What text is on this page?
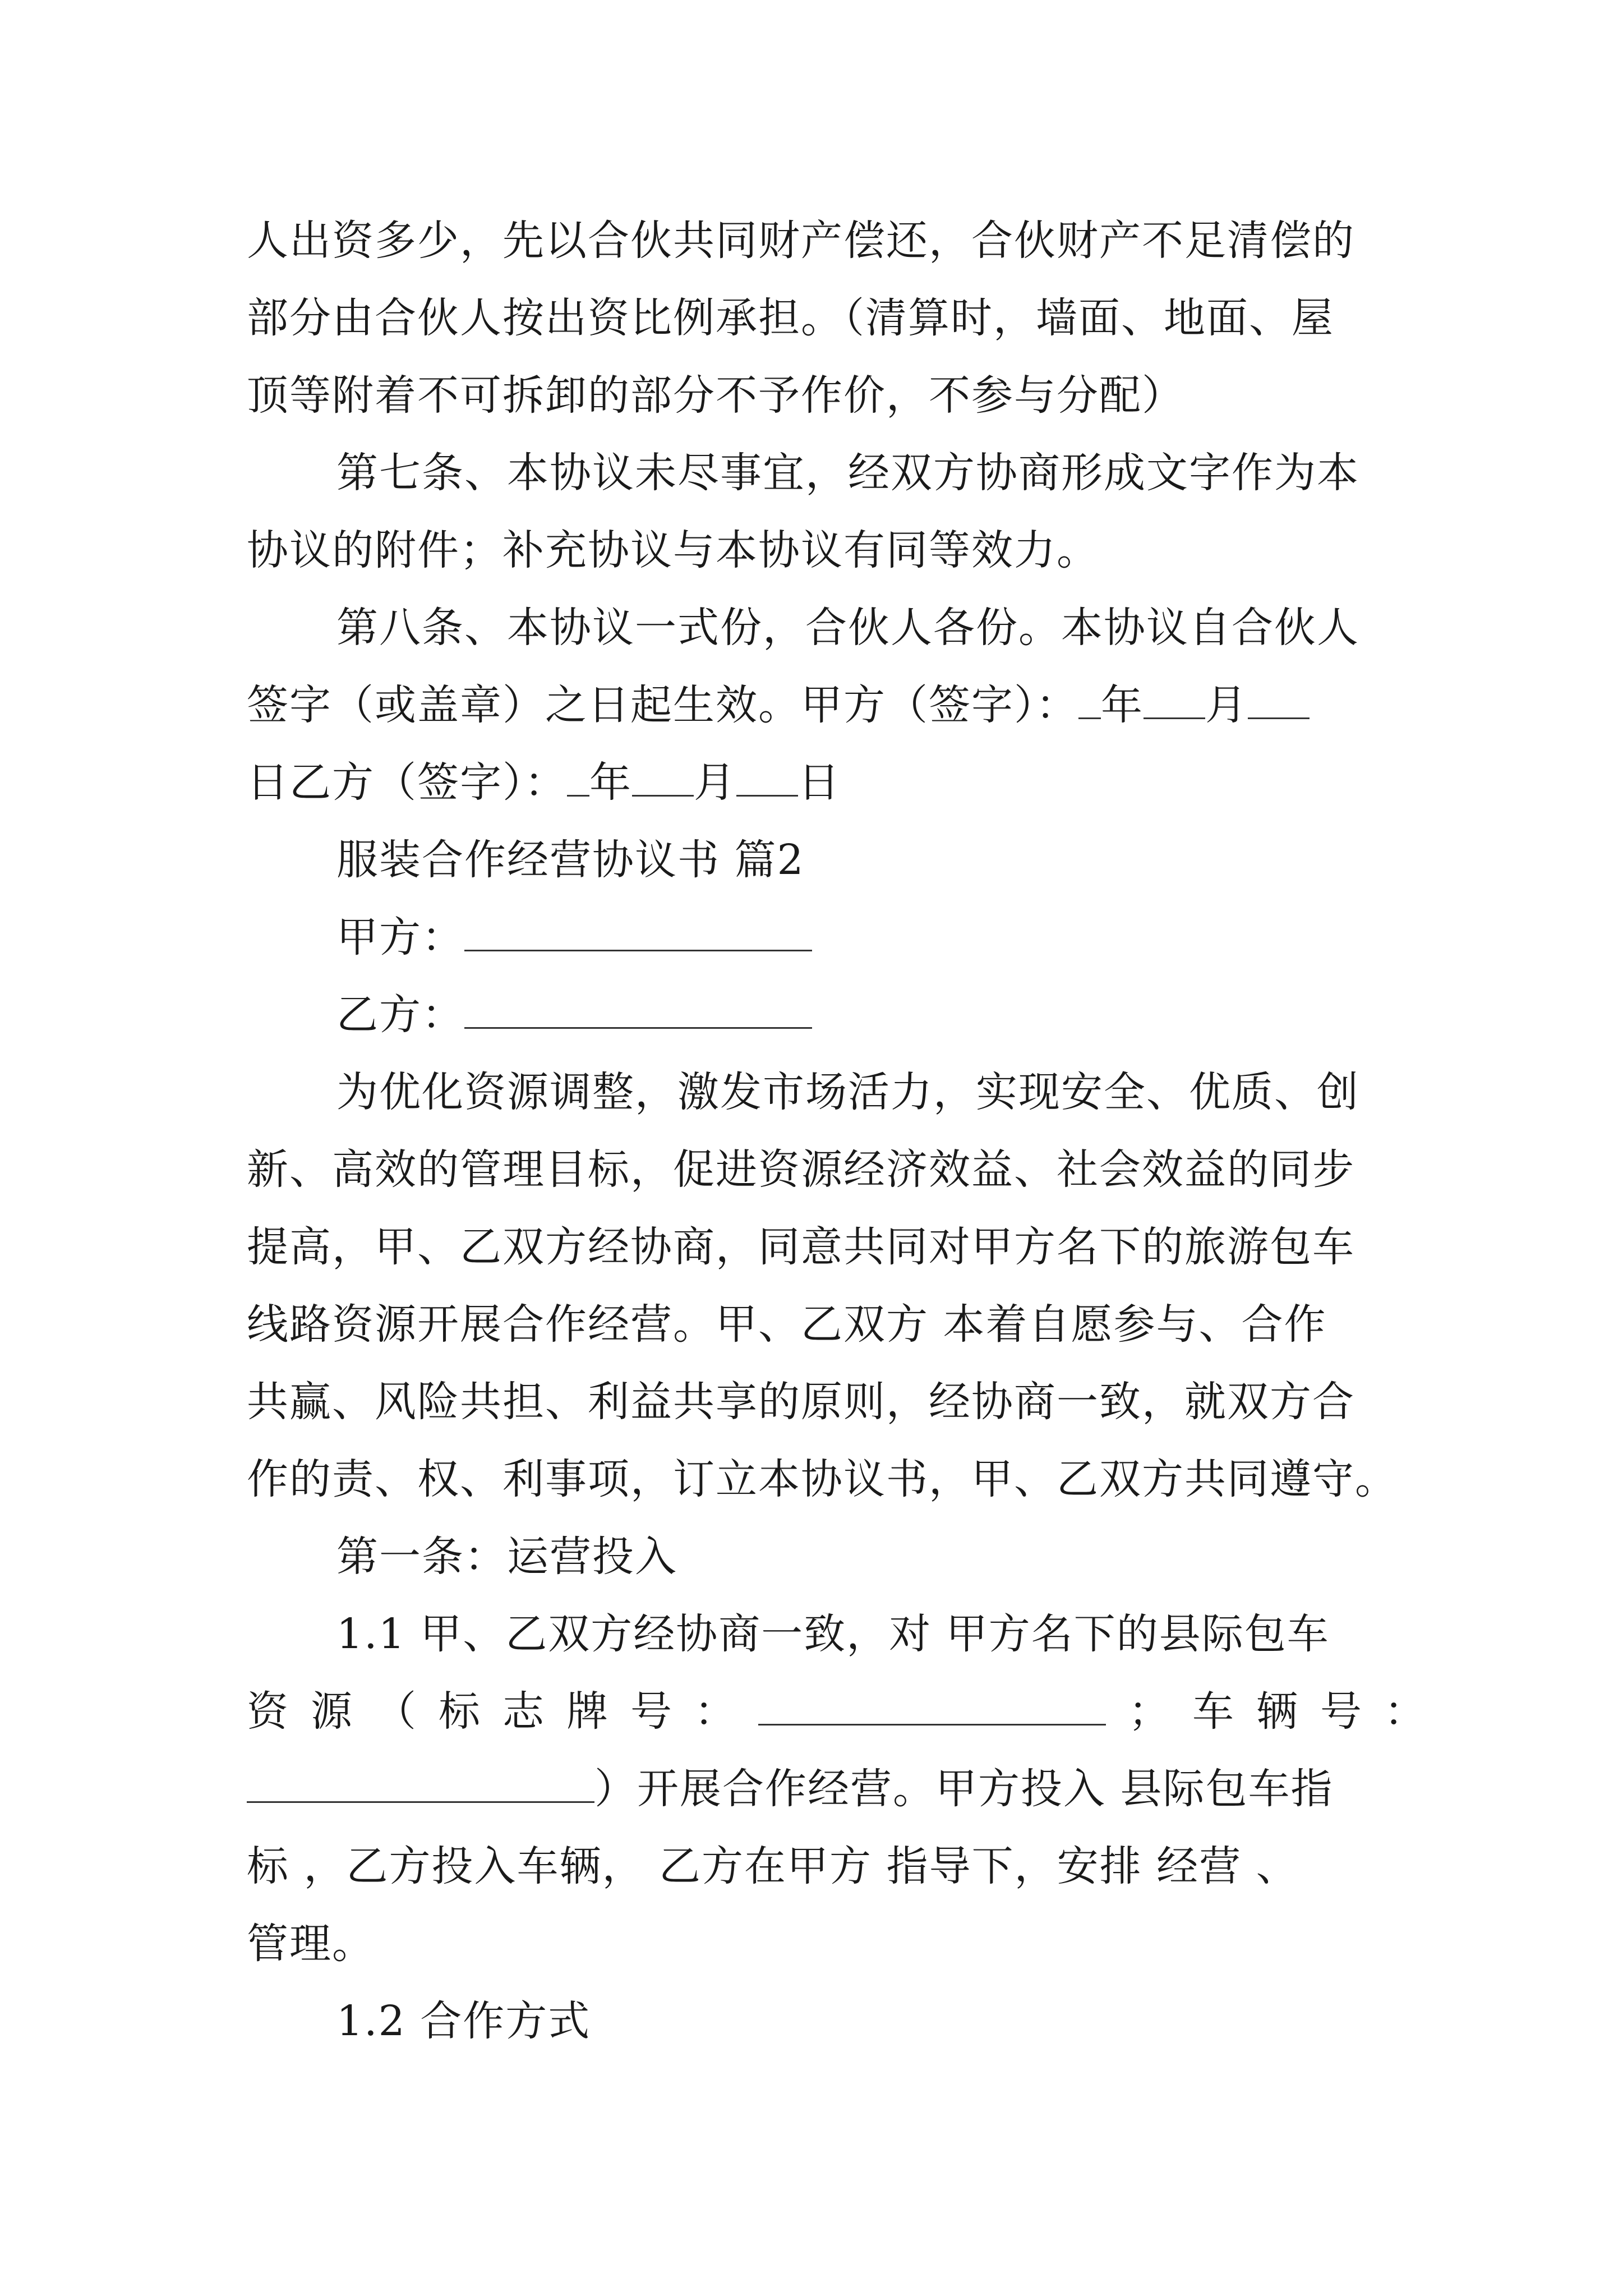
人出资多少，先以合伙共同财产偿还，合伙财产不足清偿的
部分由合伙人按出资比例承担。（清算时，墙面、地面、屋
顶等附着不可拆卸的部分不予作价，不参与分配）
第七条、本协议未尽事宜，经双方协商形成文字作为本
协议的附件；补充协议与本协议有同等效力。
第八条、本协议一式份，合伙人各份。本协议自合伙人
签字（或盖章）之日起生效。甲方（签字）： 年 月
日乙方（签字）： 年 月 日
服装合作经营协议书 篇2
甲方：
乙方：
为优化资源调整，激发市场活力，实现安全、优质、创
新、高效的管理目标，促进资源经济效益、社会效益的同步
提高，甲、乙双方经协商，同意共同对甲方名下的旅游包车
线路资源开展合作经营。甲、乙双方 本着自愿参与、合作
共赢、风险共担、利益共享的原则，经协商一致，就双方合
作的责、权、利事项，订立本协议书，甲、乙双方共同遵守。
第一条：运营投入
1.1 甲、乙双方经协商一致，对 甲方名下的县际包车
资源（标志牌号：	；车辆号：
）开展合作经营。甲方投入 县际包车指
标 ，乙方投入车辆， 乙方在甲方 指导下，安排 经营 、
管理。
1.2 合作方式
